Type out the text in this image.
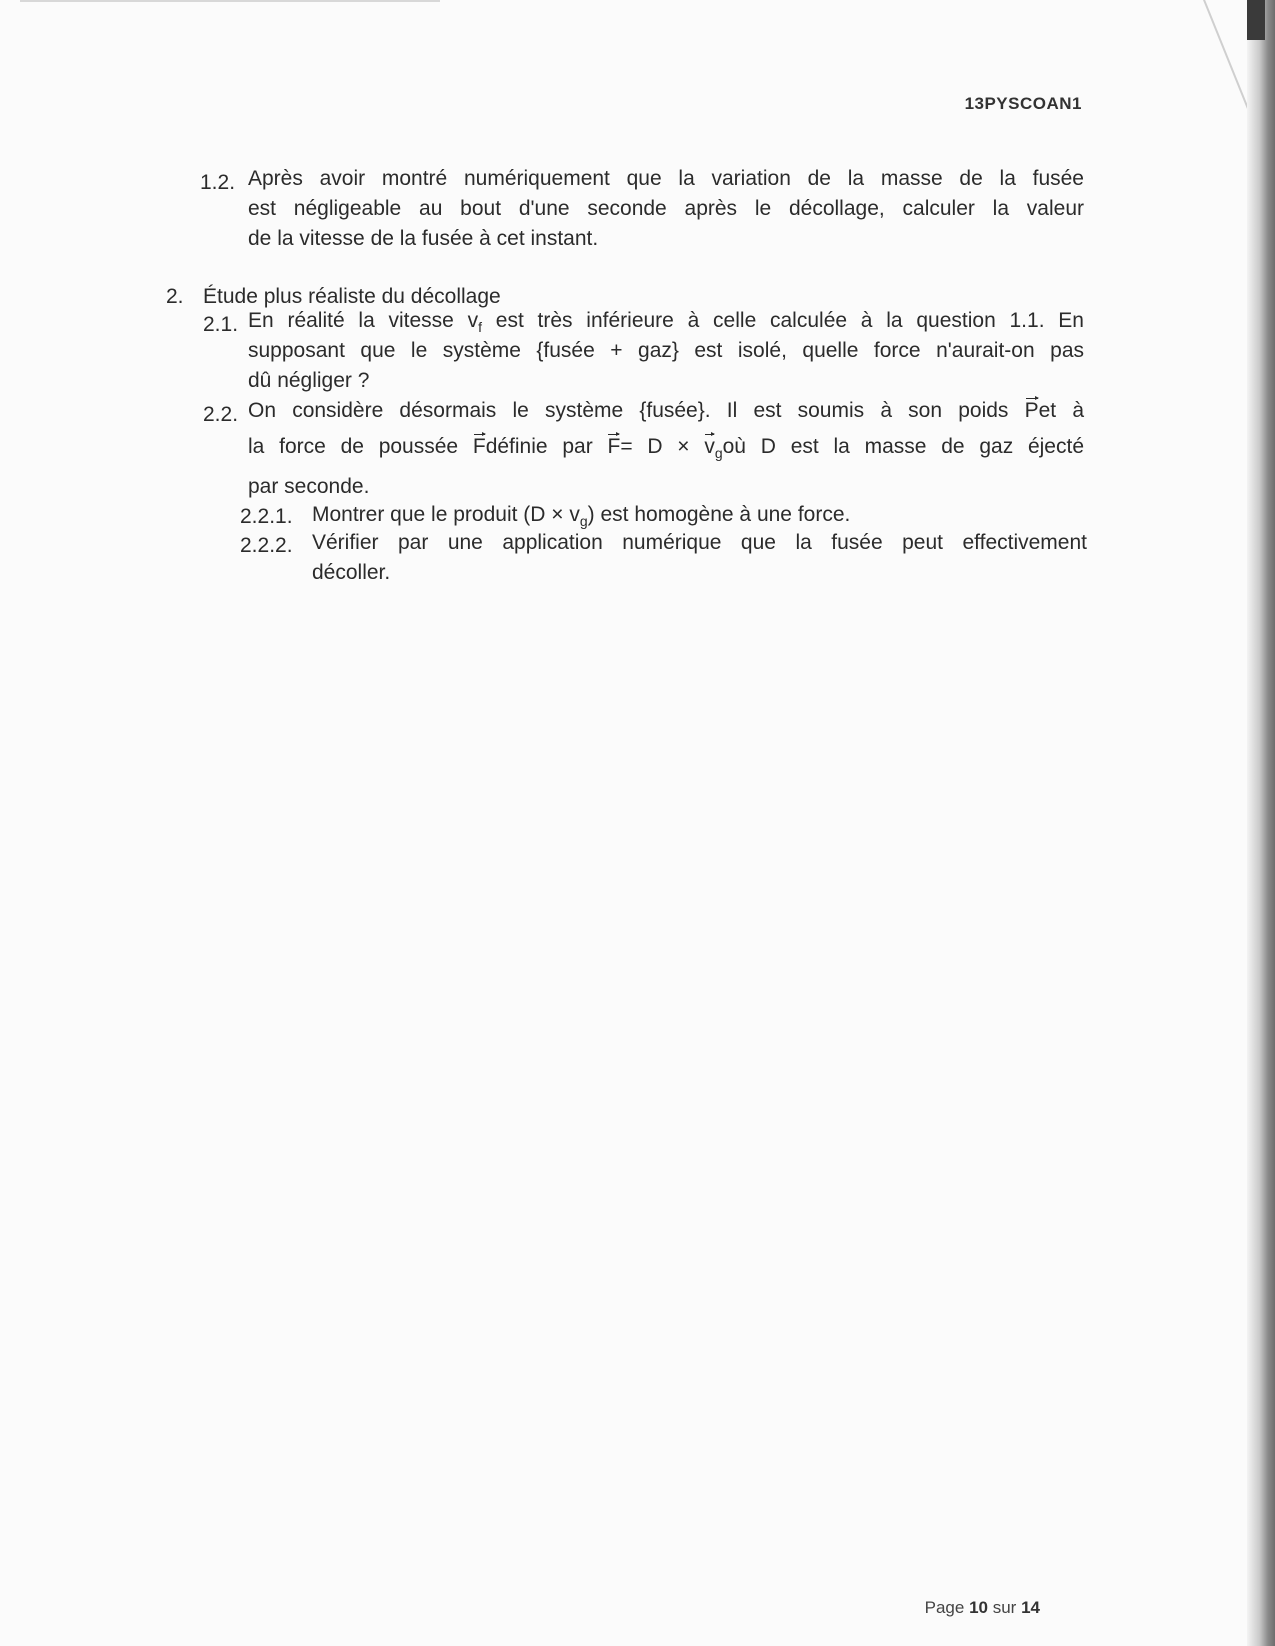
13PYSCOAN1
1.2. Après avoir montré numériquement que la variation de la masse de la fusée
est négligeable au bout d'une seconde après le décollage, calculer la valeur
de la vitesse de la fusée à cet instant.
2. Étude plus réaliste du décollage
2.1. En réalité la vitesse $v_f$ est très inférieure à celle calculée à la question 1.1. En
supposant que le système {fusée + gaz} est isolé, quelle force n'aurait-on pas
dû négliger ?
2.2. On considère désormais le système {fusée}. Il est soumis à son poids Pet à
la force de poussée Fdéfinie par $F= D \times v_goù$ D est la masse de gaz éjecté
par seconde.
2.2.1. Montrer que le produit $(D \times v_g)$ est homogène à une force.
2.2.2. Vérifier par une application numérique que la fusée peut effectivement
décoller.
Page 10 sur 14
